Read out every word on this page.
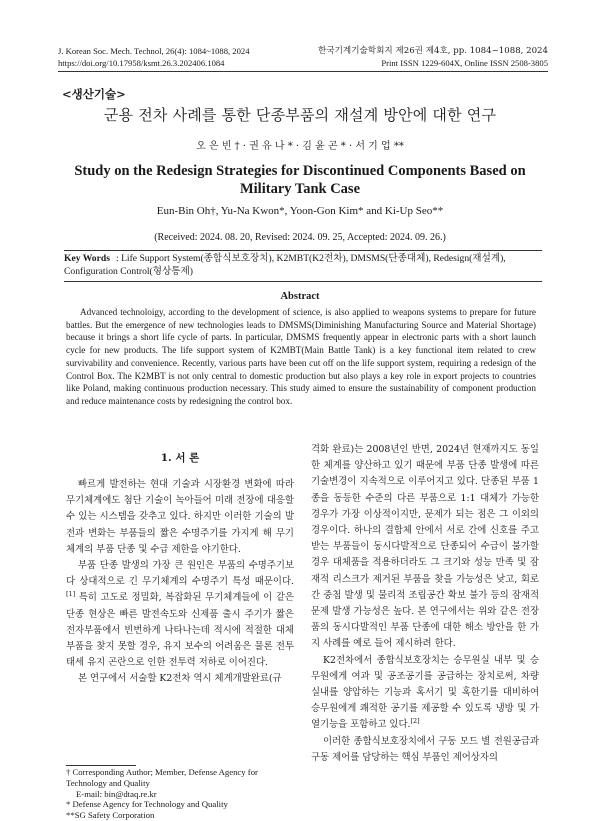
J. Korean Soc. Mech. Technol, 26(4): 1084~1088, 2024
https://doi.org/10.17958/ksmt.26.3.202406.1084
한국기계기술학회지 제26권 제4호, pp. 1084~1088, 2024
Print ISSN 1229-604X, Online ISSN 2508-3805
<생산기술>
군용 전차 사례를 통한 단종부품의 재설계 방안에 대한 연구
오 은 빈 † · 권 유 나 * · 김 윤 곤 * · 서 기 업 **
Study on the Redesign Strategies for Discontinued Components Based on Military Tank Case
Eun-Bin Oh†, Yu-Na Kwon*, Yoon-Gon Kim* and Ki-Up Seo**
(Received: 2024. 08. 20, Revised: 2024. 09. 25, Accepted: 2024. 09. 26.)
Key Words : Life Support System(종합식보호장치), K2MBT(K2전차), DMSMS(단종대체), Redesign(재설계), Configuration Control(형상통제)
Abstract
Advanced technoloigy, according to the development of science, is also applied to weapons systems to prepare for future battles. But the emergence of new technologies leads to DMSMS(Diminishing Manufacturing Source and Material Shortage) because it brings a short life cycle of parts. In particular, DMSMS frequently appear in electronic parts with a short launch cycle for new products. The life support system of K2MBT(Main Battle Tank) is a key functional item related to crew survivability and convenience. Recently, various parts have been cut off on the life support system, requiring a redesign of the Control Box. The K2MBT is not only central to domestic production but also plays a key role in export projects to countries like Poland, making continuous production necessary. This study aimed to ensure the sustainability of component production and reduce maintenance costs by redesigning the control box.
1. 서 론

빠르게 발전하는 현대 기술과 시장환경 변화에 따라 무기체계에도 첨단 기술이 녹아들어 미래 전장에 대응할 수 있는 시스템을 갖추고 있다. 하지만 이러한 기술의 발전과 변화는 부품들의 짧은 수명주기를 가지게 해 무기체계의 부품 단종 및 수급 제한을 야기한다.

부품 단종 발생의 가장 큰 원인은 부품의 수명주기보다 상대적으로 긴 무기체계의 수명주기 특성 때문이다.[1] 특히 고도로 정밀화, 복잡화된 무기체계들에 이 같은 단종 현상은 빠른 발전속도와 신제품 출시 주기가 짧은 전자부품에서 빈번하게 나타나는데 적시에 적절한 대체 부품을 찾지 못할 경우, 유지 보수의 어려움은 물론 전투태세 유지 곤란으로 인한 전투력 저하로 이어진다.

본 연구에서 서술할 K2전차 역시 체계개발완료(규

격화 완료)는 2008년인 반면, 2024년 현재까지도 동일한 체계를 양산하고 있기 때문에 부품 단종 발생에 따른 기술변경이 지속적으로 이루어지고 있다. 단종된 부품 1종을 동등한 수준의 다른 부품으로 1:1 대체가 가능한 경우가 가장 이상적이지만, 문제가 되는 점은 그 이외의 경우이다. 하나의 결합체 안에서 서로 간에 신호를 주고받는 부품들이 동시다발적으로 단종되어 수급이 불가할 경우 대체품을 적용하더라도 그 크기와 성능 만족 및 잠재적 리스크가 제거된 부품을 찾을 가능성은 낮고, 회로 간 중첩 발생 및 물리적 조립공간 확보 불가 등의 잠재적 문제 발생 가능성은 높다. 본 연구에서는 위와 같은 전장품의 동시다발적인 부품 단종에 대한 해소 방안을 한 가지 사례를 예로 들어 제시하려 한다.

K2전차에서 종합식보호장치는 승무원실 내부 및 승무원에게 여과 및 공조공기를 공급하는 장치로써, 차량 실내를 양압하는 기능과 혹서기 및 혹한기를 대비하여 승무원에게 쾌적한 공기를 제공할 수 있도록 냉방 및 가열기능을 포함하고 있다.[2]

이러한 종합식보호장치에서 구동 모드 별 전원공급과 구동 제어를 담당하는 핵심 부품인 제어상자의

† Corresponding Author; Member, Defense Agency for Technology and Quality
E-mail: bin@dtaq.re.kr
* Defense Agency for Technology and Quality
**SG Safety Corporation
